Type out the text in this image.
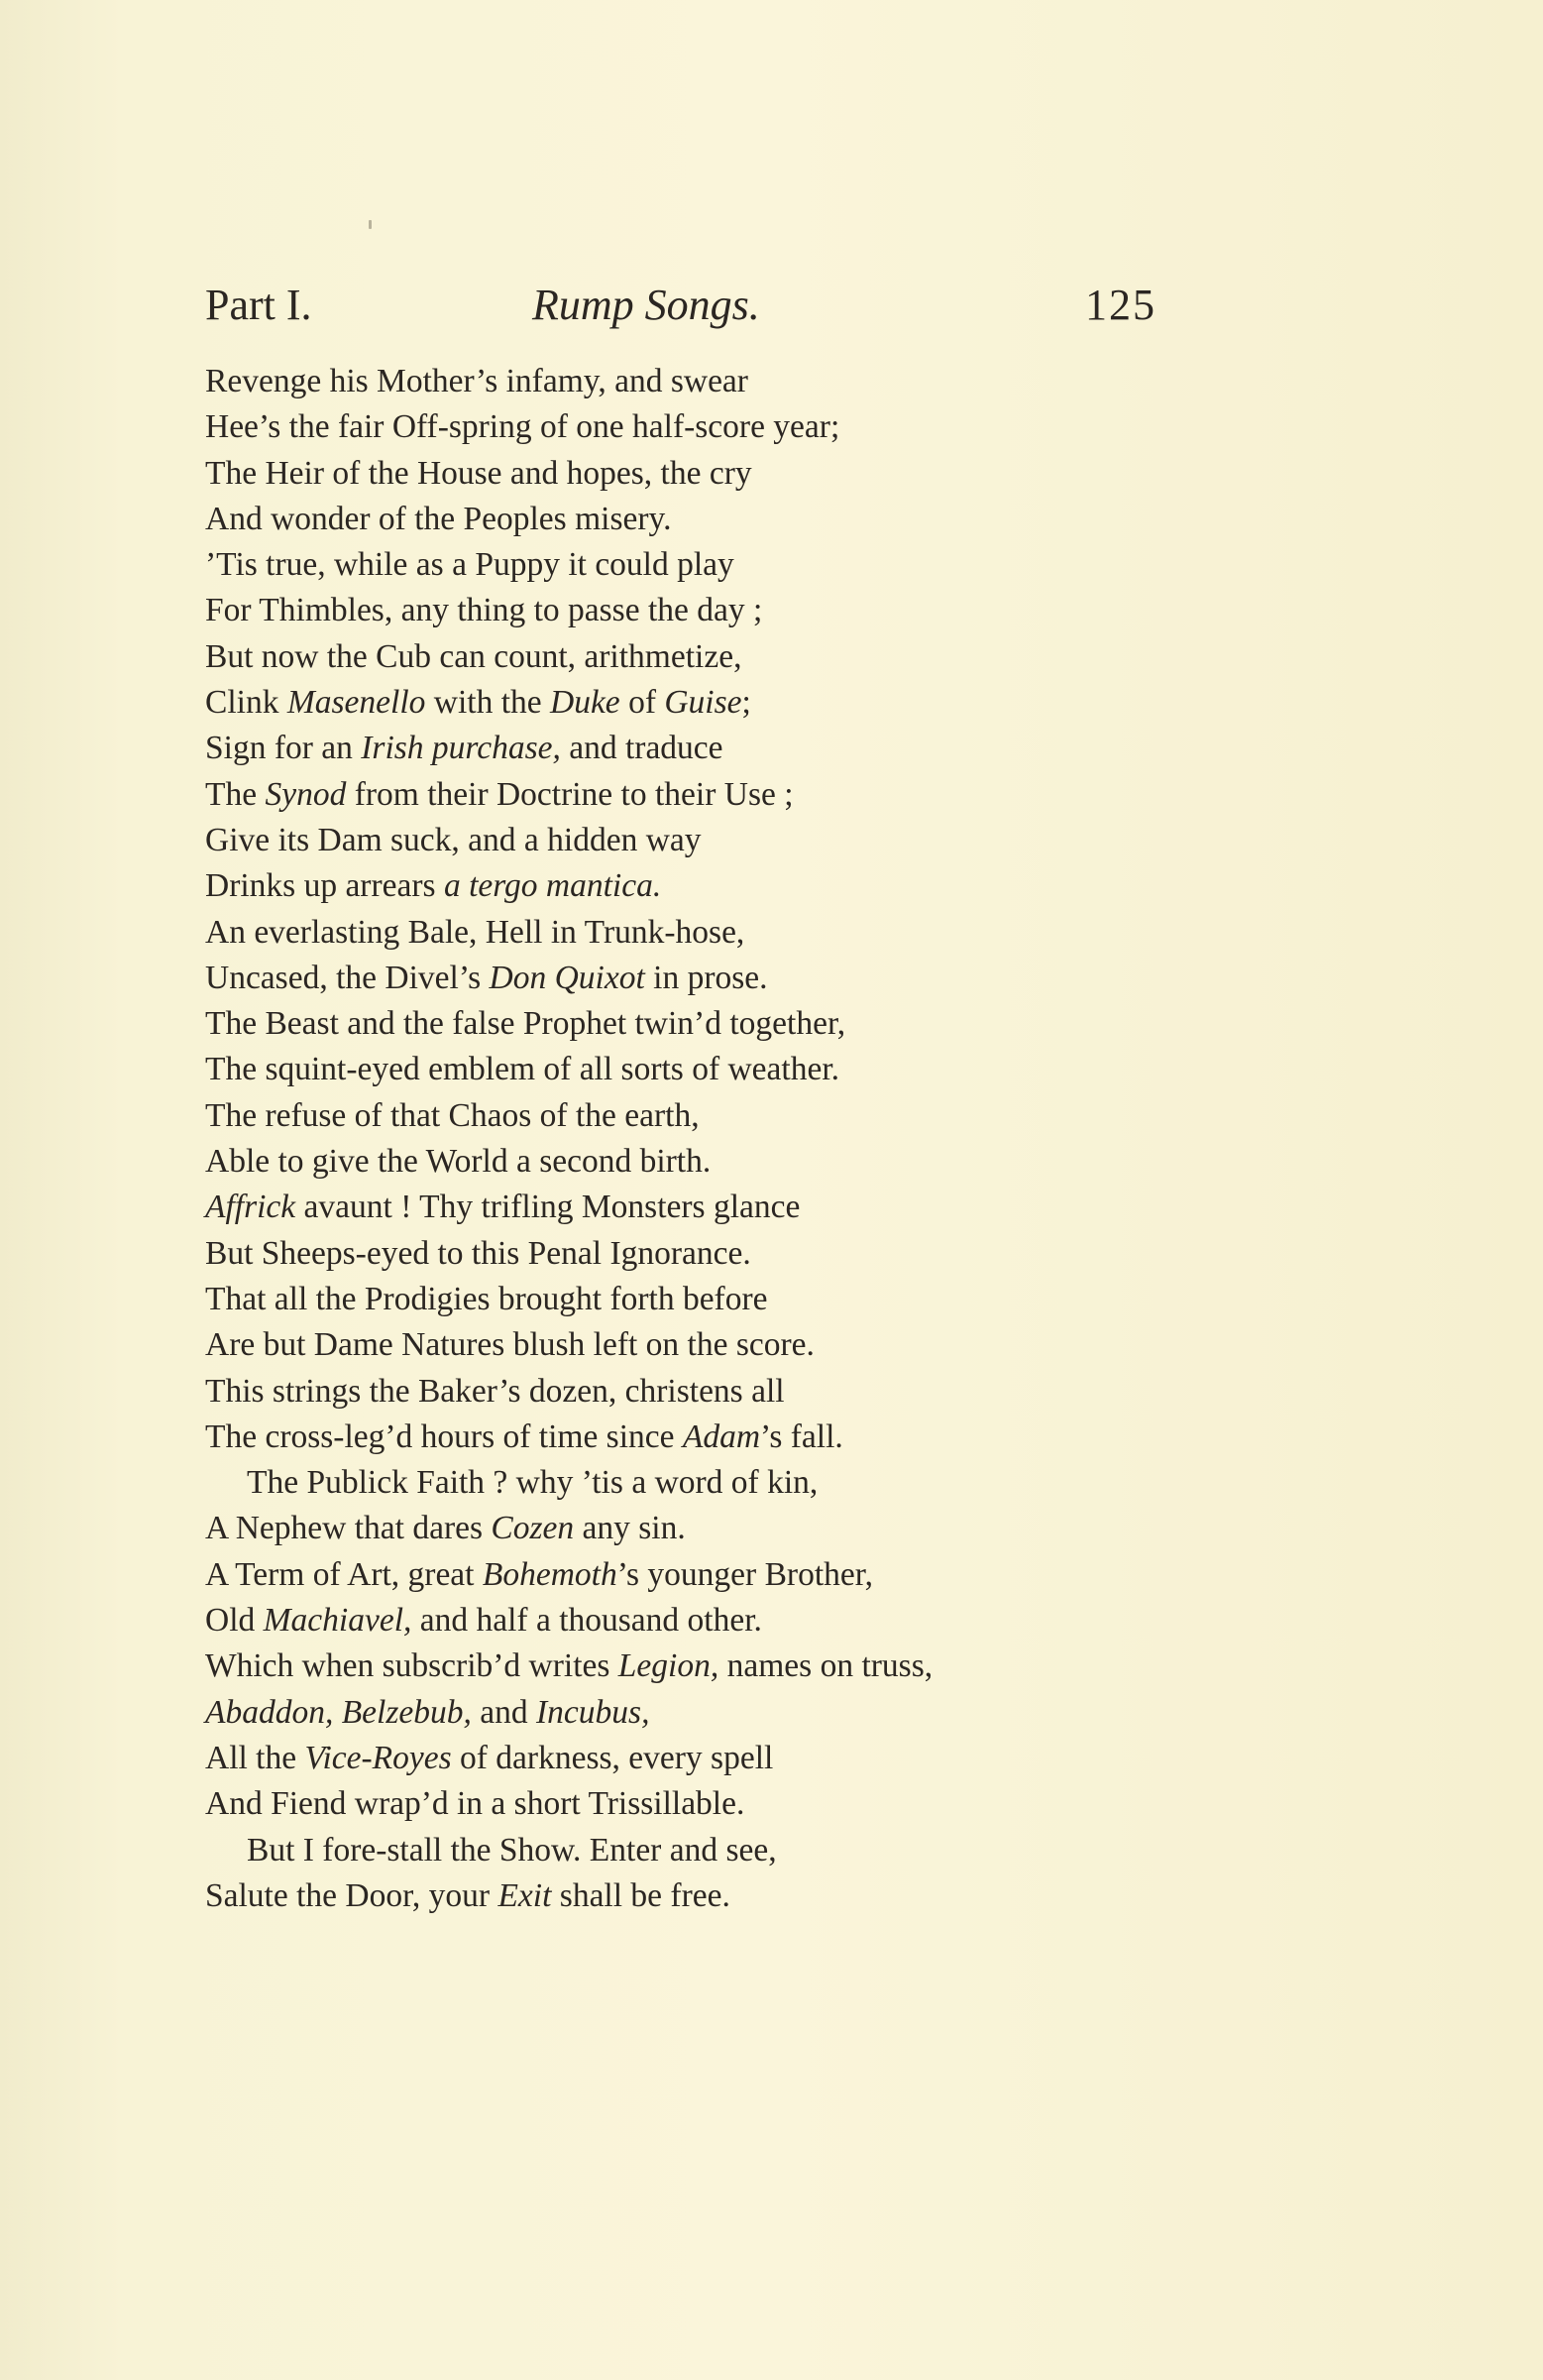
Part I.	Rump Songs.	125
Revenge his Mother’s infamy, and swear
Hee’s the fair Off-spring of one half-score year;
The Heir of the House and hopes, the cry
And wonder of the Peoples misery.
’Tis true, while as a Puppy it could play
For Thimbles, any thing to passe the day ;
But now the Cub can count, arithmetize,
Clink Masenello with the Duke of Guise;
Sign for an Irish purchase, and traduce
The Synod from their Doctrine to their Use ;
Give its Dam suck, and a hidden way
Drinks up arrears a tergo mantica.
An everlasting Bale, Hell in Trunk-hose,
Uncased, the Divel’s Don Quixot in prose.
The Beast and the false Prophet twin’d together,
The squint-eyed emblem of all sorts of weather.
The refuse of that Chaos of the earth,
Able to give the World a second birth.
Affrick avaunt ! Thy trifling Monsters glance
But Sheeps-eyed to this Penal Ignorance.
That all the Prodigies brought forth before
Are but Dame Natures blush left on the score.
This strings the Baker’s dozen, christens all
The cross-leg’d hours of time since Adam’s fall.
The Publick Faith ? why ’tis a word of kin,
A Nephew that dares Cozen any sin.
A Term of Art, great Bohemoth’s younger Brother,
Old Machiavel, and half a thousand other.
Which when subscrib’d writes Legion, names on truss,
Abaddon, Belzebub, and Incubus,
All the Vice-Royes of darkness, every spell
And Fiend wrap’d in a short Trissillable.
But I fore-stall the Show. Enter and see,
Salute the Door, your Exit shall be free.
